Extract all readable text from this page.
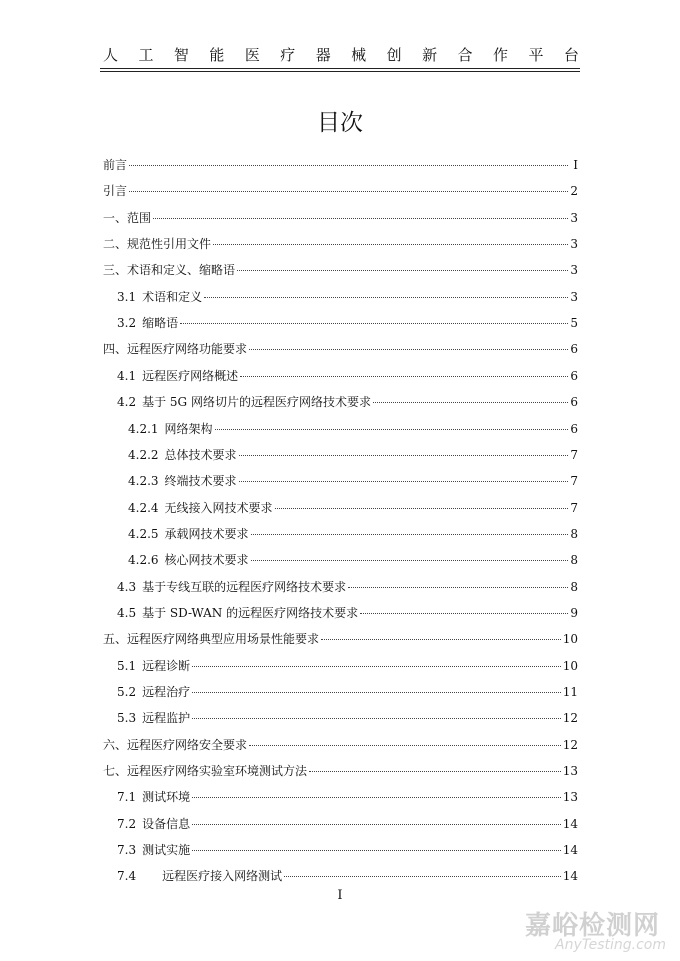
人 工 智 能 医 疗 器 械 创 新 合 作 平 台
目次
前言	I
引言	2
一、范围	3
二、规范性引用文件	3
三、术语和定义、缩略语	3
3.1 术语和定义	3
3.2 缩略语	5
四、远程医疗网络功能要求	6
4.1 远程医疗网络概述	6
4.2 基于 5G 网络切片的远程医疗网络技术要求	6
4.2.1 网络架构	6
4.2.2 总体技术要求	7
4.2.3 终端技术要求	7
4.2.4 无线接入网技术要求	7
4.2.5 承载网技术要求	8
4.2.6 核心网技术要求	8
4.3 基于专线互联的远程医疗网络技术要求	8
4.5 基于 SD-WAN 的远程医疗网络技术要求	9
五、远程医疗网络典型应用场景性能要求	10
5.1 远程诊断	10
5.2 远程治疗	11
5.3 远程监护	12
六、远程医疗网络安全要求	12
七、远程医疗网络实验室环境测试方法	13
7.1 测试环境	13
7.2 设备信息	14
7.3 测试实施	14
7.4 远程医疗接入网络测试	14
I
嘉峪检测网
AnyTesting.com
